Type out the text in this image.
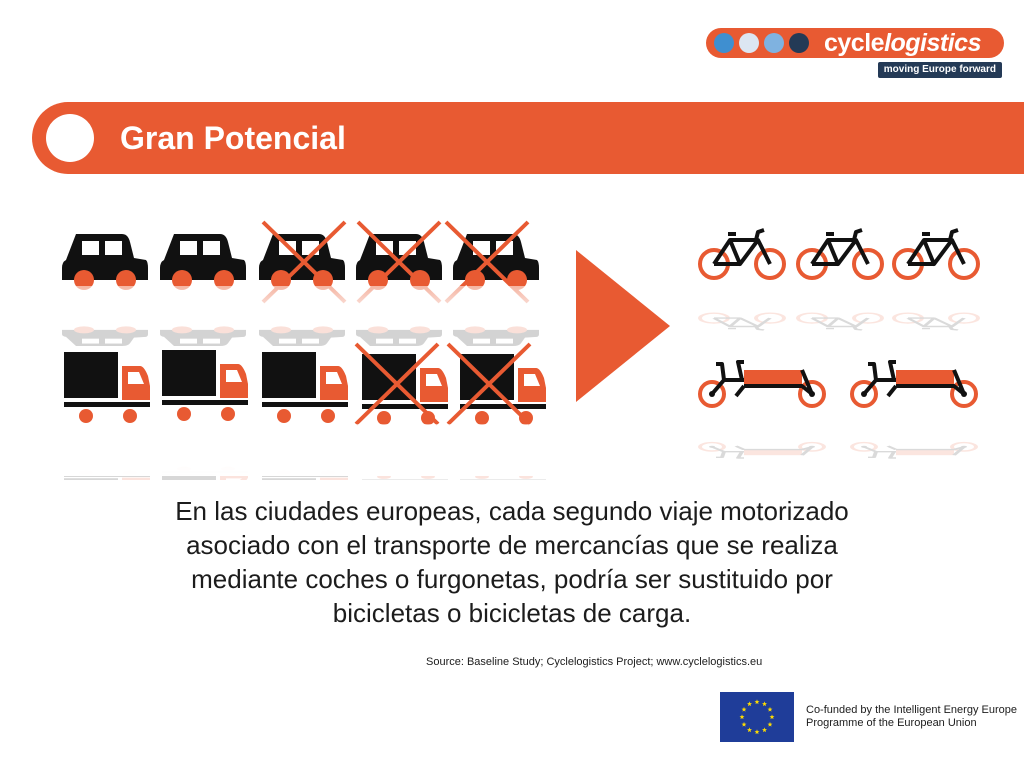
cyclelogistics
moving Europe forward
Gran Potencial

En las ciudades europeas, cada segundo viaje motorizado
asociado con el transporte de mercancías que se realiza
mediante coches o furgonetas, podría ser sustituido por
bicicletas o bicicletas de carga.

Source: Baseline Study; Cyclelogistics Project; www.cyclelogistics.eu
Co-funded by the Intelligent Energy Europe
Programme of the European Union
